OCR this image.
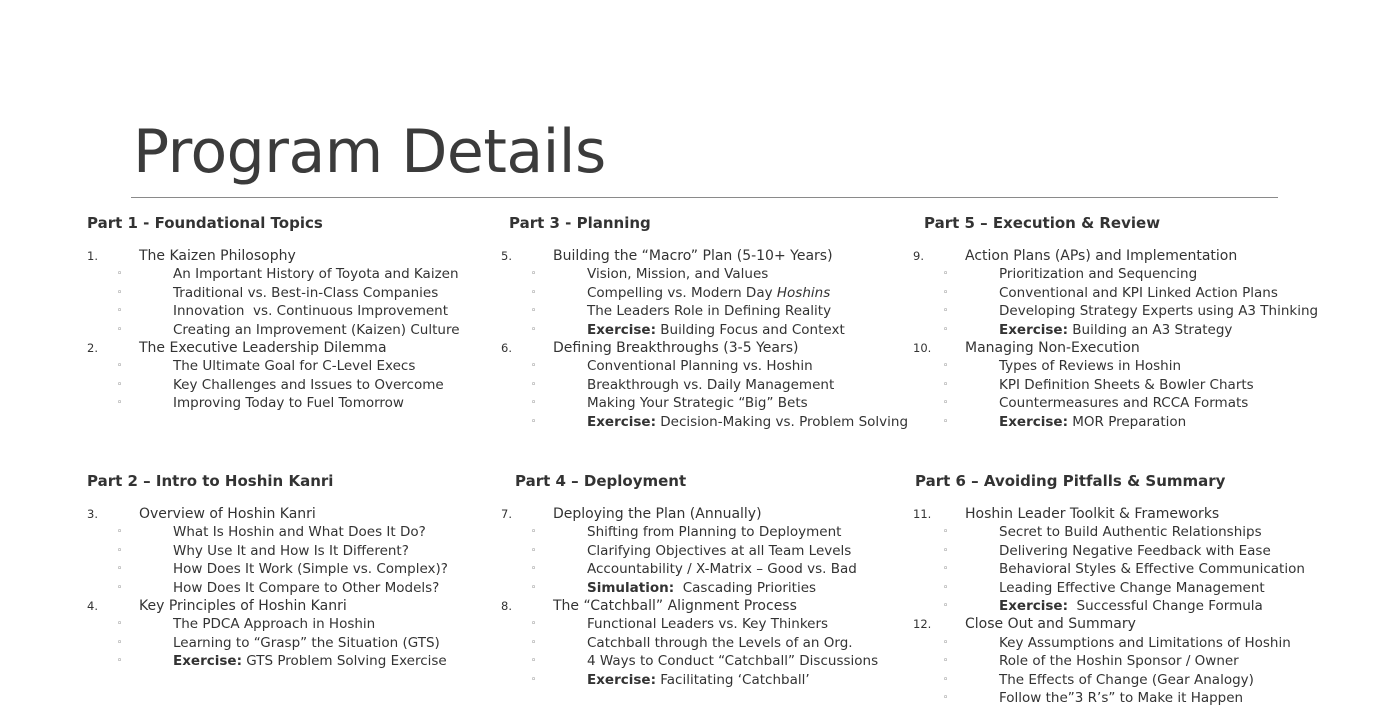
Program Details
Part 1 - Foundational Topics
1.	The Kaizen Philosophy
◦	An Important History of Toyota and Kaizen
◦	Traditional vs. Best-in-Class Companies
◦	Innovation  vs. Continuous Improvement
◦	Creating an Improvement (Kaizen) Culture
2.	The Executive Leadership Dilemma
◦	The Ultimate Goal for C-Level Execs
◦	Key Challenges and Issues to Overcome
◦	Improving Today to Fuel Tomorrow
Part 2 – Intro to Hoshin Kanri
3.	Overview of Hoshin Kanri
◦	What Is Hoshin and What Does It Do?
◦	Why Use It and How Is It Different?
◦	How Does It Work (Simple vs. Complex)?
◦	How Does It Compare to Other Models?
4.	Key Principles of Hoshin Kanri
◦	The PDCA Approach in Hoshin
◦	Learning to “Grasp” the Situation (GTS)
◦	Exercise: GTS Problem Solving Exercise
Part 3 - Planning
5.	Building the “Macro” Plan (5-10+ Years)
◦	Vision, Mission, and Values
◦	Compelling vs. Modern Day Hoshins
◦	The Leaders Role in Defining Reality
◦	Exercise: Building Focus and Context
6.	Defining Breakthroughs (3-5 Years)
◦	Conventional Planning vs. Hoshin
◦	Breakthrough vs. Daily Management
◦	Making Your Strategic “Big” Bets
◦	Exercise: Decision-Making vs. Problem Solving
Part 4 – Deployment
7.	Deploying the Plan (Annually)
◦	Shifting from Planning to Deployment
◦	Clarifying Objectives at all Team Levels
◦	Accountability / X-Matrix – Good vs. Bad
◦	Simulation:  Cascading Priorities
8.	The “Catchball” Alignment Process
◦	Functional Leaders vs. Key Thinkers
◦	Catchball through the Levels of an Org.
◦	4 Ways to Conduct “Catchball” Discussions
◦	Exercise: Facilitating ‘Catchball’
Part 5 – Execution & Review
9.	Action Plans (APs) and Implementation
◦	Prioritization and Sequencing
◦	Conventional and KPI Linked Action Plans
◦	Developing Strategy Experts using A3 Thinking
◦	Exercise: Building an A3 Strategy
10. Managing Non-Execution
◦	Types of Reviews in Hoshin
◦	KPI Definition Sheets & Bowler Charts
◦	Countermeasures and RCCA Formats
◦	Exercise: MOR Preparation
Part 6 – Avoiding Pitfalls & Summary
11. Hoshin Leader Toolkit & Frameworks
◦	Secret to Build Authentic Relationships
◦	Delivering Negative Feedback with Ease
◦	Behavioral Styles & Effective Communication
◦	Leading Effective Change Management
◦	Exercise:  Successful Change Formula
12. Close Out and Summary
◦	Key Assumptions and Limitations of Hoshin
◦	Role of the Hoshin Sponsor / Owner
◦	The Effects of Change (Gear Analogy)
◦	Follow the”3 R’s” to Make it Happen
